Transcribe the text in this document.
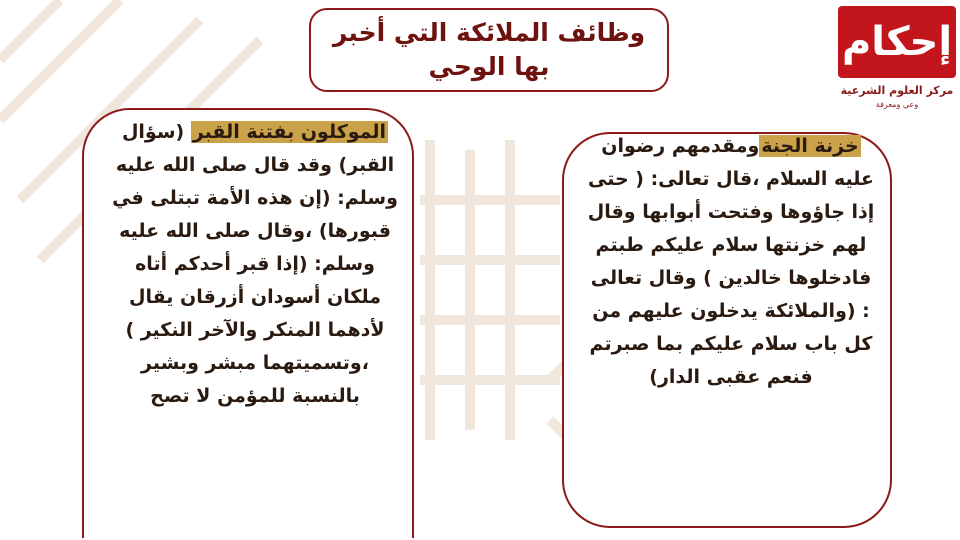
وظائف الملائكة التي أخبر
بها الوحي
إحكام
مركز العلوم الشرعية
وعي ومعرفة
الموكلون بفتنة القبر (سؤال القبر) وقد قال صلى الله عليه وسلم: (إن هذه الأمة تبتلى في قبورها) ،وقال صلى الله عليه وسلم: (إذا قبر أحدكم أتاه ملكان أسودان أزرقان يقال لأدهما المنكر والآخر النكير ) ،وتسميتهما مبشر وبشير بالنسبة للمؤمن لا تصح
خزنة الجنةومقدمهم رضوان عليه السلام ،قال تعالى: ( حتى إذا جاؤوها وفتحت أبوابها وقال لهم خزنتها سلام عليكم طبتم فادخلوها خالدين ) وقال تعالى : (والملائكة يدخلون عليهم من كل باب سلام عليكم بما صبرتم فنعم عقبى الدار)
